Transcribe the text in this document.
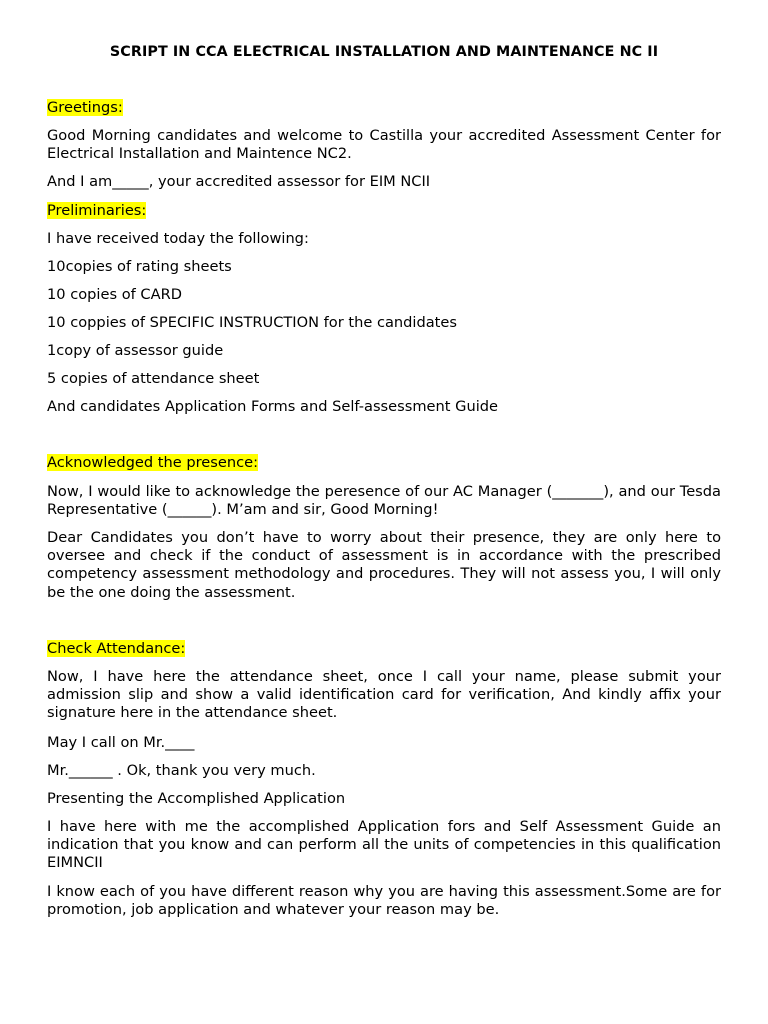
SCRIPT IN CCA ELECTRICAL INSTALLATION AND MAINTENANCE NC II

Greetings:

Good Morning candidates and welcome to Castilla your accredited Assessment Center for Electrical Installation and Maintence NC2.

And I am_____, your accredited assessor for EIM NCII

Preliminaries:

I have received today the following:

10copies of rating sheets

10 copies of CARD

10 coppies of SPECIFIC INSTRUCTION for the candidates

1copy of assessor guide

5 copies of attendance sheet

And candidates Application Forms and Self-assessment Guide

Acknowledged the presence:

Now, I would like to acknowledge the peresence of our AC Manager (_______), and our Tesda Representative (______). M’am and sir, Good Morning!

Dear Candidates you don’t have to worry about their presence, they are only here to oversee and check if the conduct of assessment is in accordance with the prescribed competency assessment methodology and procedures. They will not assess you, I will only be the one doing the assessment.

Check Attendance:

Now, I have here the attendance sheet, once I call your name, please submit your admission slip and show a valid identification card for verification, And kindly affix your signature here in the attendance sheet.

May I call on Mr.____

Mr.______ . Ok, thank you very much.

Presenting the Accomplished Application

I have here with me the accomplished Application fors and Self Assessment Guide an indication that you know and can perform all the units of competencies in this qualification EIMNCII

I know each of you have different reason why you are having this assessment.Some are for promotion, job application and whatever your reason may be.
